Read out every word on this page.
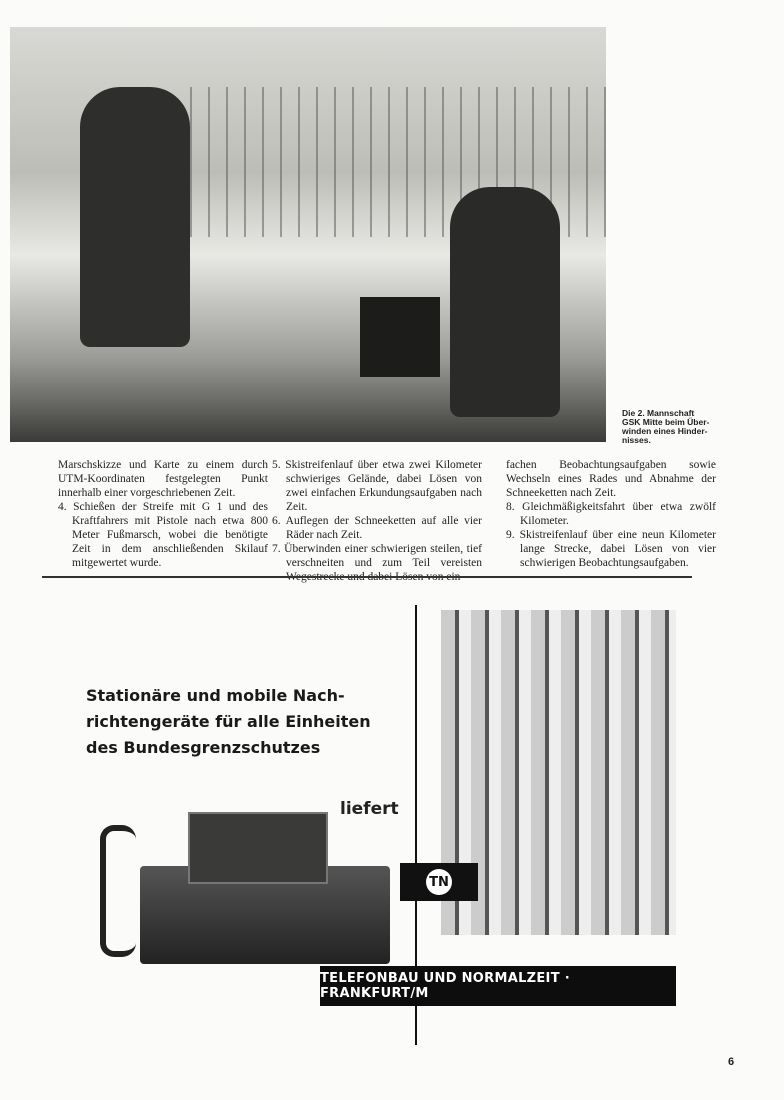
Die 2. Mannschaft
GSK Mitte beim Über-
winden eines Hinder-
nisses.

Marschskizze und Karte zu einem durch UTM-Koordinaten festgelegten Punkt innerhalb einer vorgeschriebenen Zeit.

4. Schießen der Streife mit G 1 und des Kraftfahrers mit Pistole nach etwa 800 Meter Fußmarsch, wobei die benötigte Zeit in dem anschließenden Skilauf mitgewertet wurde.

5. Skistreifenlauf über etwa zwei Kilometer schwieriges Gelände, dabei Lösen von zwei einfachen Erkundungsaufgaben nach Zeit.

6. Auflegen der Schneeketten auf alle vier Räder nach Zeit.

7. Überwinden einer schwierigen steilen, tief verschneiten und zum Teil vereisten

fachen Beobachtungsaufgaben sowie Wechseln eines Rades und Abnahme der Schneeketten nach Zeit.

8. Gleichmäßigkeitsfahrt über etwa zwölf Kilometer.

9. Skistreifenlauf über eine neun Kilometer lange Strecke, dabei Lösen von vier schwierigen Beobachtungsaufgaben.

Stationäre und mobile Nach-
richtengeräte für alle Einheiten
des Bundesgrenzschutzes
liefert
TN
TELEFONBAU UND NORMALZEIT · FRANKFURT/M
6
